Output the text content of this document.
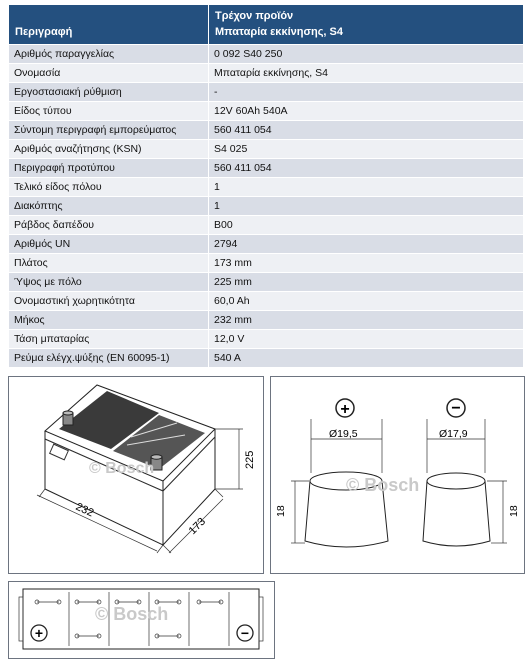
Περιγραφή	Τρέχον προϊόν
Μπαταρία εκκίνησης, S4

Αριθμός παραγγελίας	0 092 S40 250
Ονομασία	Μπαταρία εκκίνησης, S4
Εργοστασιακή ρύθμιση	-
Είδος τύπου	12V 60Ah 540A
Σύντομη περιγραφή εμπορεύματος	560 411 054
Αριθμός αναζήτησης (KSN)	S4 025
Περιγραφή προτύπου	560 411 054
Τελικό είδος πόλου	1
Διακόπτης	1
Ράβδος δαπέδου	B00
Αριθμός UN	2794
Πλάτος	173 mm
Ύψος με πόλο	225 mm
Ονομαστική χωρητικότητα	60,0 Ah
Μήκος	232 mm
Τάση μπαταρίας	12,0 V
Ρεύμα ελέγχ.ψύξης (EN 60095-1)	540 A
232
173
225
© Bosch
+	−
Ø19,5	Ø17,9
18	18
© Bosch
+	−
© Bosch
